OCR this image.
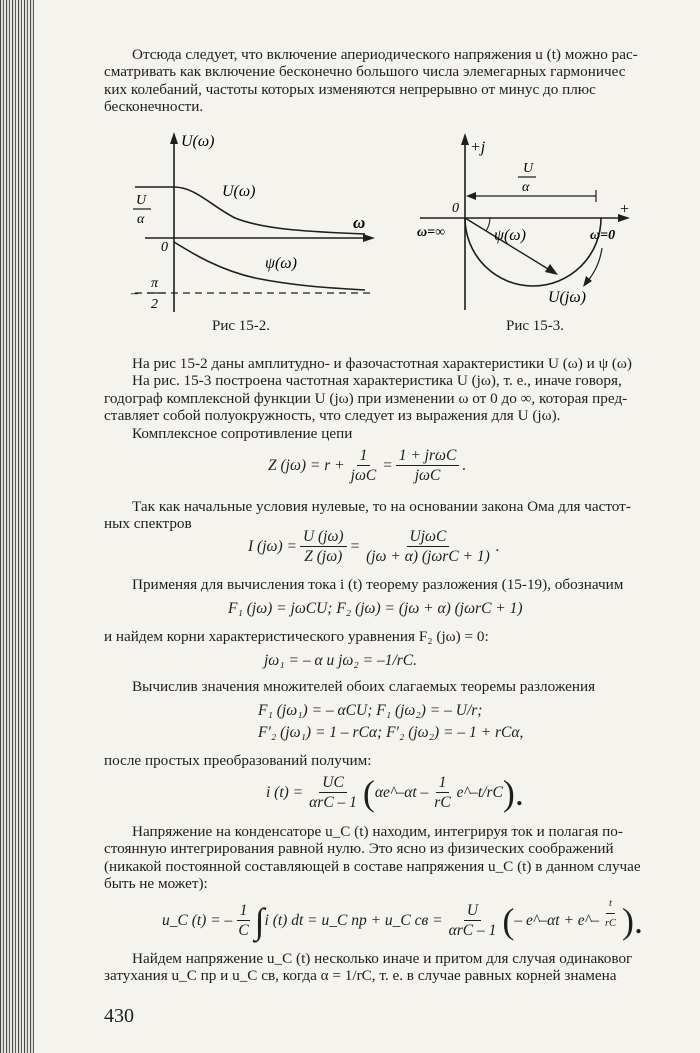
Отсюда следует, что включение апериодического напряжения u (t) можно рас-
сматривать как включение бесконечно большого числа элемегарных гармоничес
ких колебаний, частоты которых изменяются непрерывно от минус до плюс
бесконечности.
U(ω)
ω
U(ω)
ψ(ω)
U
α
0
–
π
2
Рис 15-2.
+j
+
0
U
α
ω=∞	ω=0
ψ(ω)
U(jω)
Рис 15-3.
На рис 15-2 даны амплитудно- и фазочастотная характеристики U (ω) и ψ (ω)
На рис. 15-3 построена частотная характеристика U (jω), т. е., иначе говоря,
годограф комплексной функции U (jω) при изменении ω от 0 до ∞, которая пред-
ставляет собой полуокружность, что следует из выражения для U (jω).
Комплексное сопротивление цепи
Z $(j\omega) = r + \frac{1}{\text{jωC}} = \frac{\text{1 + jrωC}}{\text{jωC}}$ .
Так как начальные условия нулевые, то на основании закона Ома для частот-
ных спектров
I $(j\omega) = \frac{U (j\omega)}{Z (j\omega)} = \frac{\text{UjωC}}{\text{(jω + α) (jωrC + 1)}}$ .
Применяя для вычисления тока i (t) теорему разложения (15-19), обозначим
F₁ (jω) = jωCU; F₂ (jω) = (jω + α) (jωrC + 1)
и найдем корни характеристического уравнения F₂ (jω) = 0:
jω₁ = – α и jω₂ = –1/rC.
Вычислив значения множителей обоих слагаемых теоремы разложения
F₁ (jω₁) = – αCU; F₁ (jω₂) = – U/r;
F′₂ (jω₁) = 1 – rCα; F′₂ (jω₂) = – 1 + rCα,
после простых преобразований получим:
i $(t) = \frac{UC}{\text{αrC – 1}}$ ( αe^–αt – $\frac{1}{rC}$ e^–t/rC ).
Напряжение на конденсаторе u_C (t) находим, интегрируя ток и полагая по-
стоянную интегрирования равной нулю. Это ясно из физических соображений
(никакой постоянной составляющей в составе напряжения u_C (t) в данном случае
быть не может):
u_C (t) = – $\frac{1}{C}$ ∫ i (t) dt = u_C пр + u_C св = $\frac{U}{\text{αrC – 1}}$ ( – e^–αt + e^– $\frac{t}{rC}$ ).
Найдем напряжение u_C (t) несколько иначе и притом для случая одинаковог
затухания u_C пр и u_C св, когда α = 1/rC, т. е. в случае равных корней знамена
430
